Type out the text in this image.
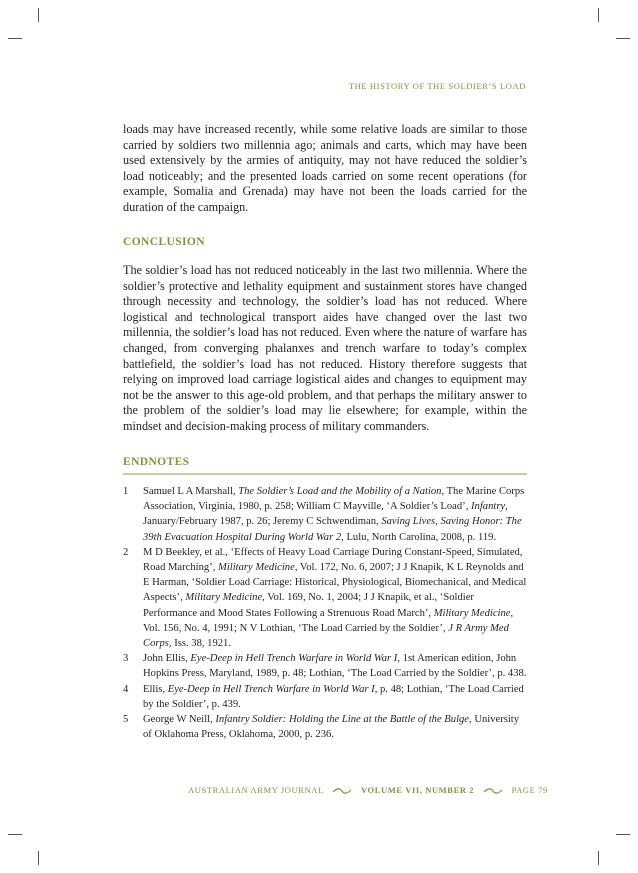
THE HISTORY OF THE SOLDIER’S LOAD

loads may have increased recently, while some relative loads are similar to those carried by soldiers two millennia ago; animals and carts, which may have been used extensively by the armies of antiquity, may not have reduced the soldier’s load noticeably; and the presented loads carried on some recent operations (for example, Somalia and Grenada) may have not been the loads carried for the duration of the campaign.

CONCLUSION

The soldier’s load has not reduced noticeably in the last two millennia. Where the soldier’s protective and lethality equipment and sustainment stores have changed through necessity and technology, the soldier’s load has not reduced. Where logistical and technological transport aides have changed over the last two millennia, the soldier’s load has not reduced. Even where the nature of warfare has changed, from converging phalanxes and trench warfare to today’s complex battlefield, the soldier’s load has not reduced. History therefore suggests that relying on improved load carriage logistical aides and changes to equipment may not be the answer to this age-old problem, and that perhaps the military answer to the problem of the soldier’s load may lie elsewhere; for example, within the mindset and decision-making process of military commanders.

ENDNOTES
1 Samuel L A Marshall, The Soldier’s Load and the Mobility of a Nation, The Marine Corps Association, Virginia, 1980, p. 258; William C Mayville, ‘A Soldier’s Load’, Infantry, January/February 1987, p. 26; Jeremy C Schwendiman, Saving Lives, Saving Honor: The 39th Evacuation Hospital During World War 2, Lulu, North Carolina, 2008, p. 119.
2 M D Beekley, et al., ‘Effects of Heavy Load Carriage During Constant-Speed, Simulated, Road Marching’, Military Medicine, Vol. 172, No. 6, 2007; J J Knapik, K L Reynolds and E Harman, ‘Soldier Load Carriage: Historical, Physiological, Biomechanical, and Medical Aspects’, Military Medicine, Vol. 169, No. 1, 2004; J J Knapik, et al., ‘Soldier Performance and Mood States Following a Strenuous Road March’, Military Medicine, Vol. 156, No. 4, 1991; N V Lothian, ‘The Load Carried by the Soldier’, J R Army Med Corps, Iss. 38, 1921.
3 John Ellis, Eye-Deep in Hell Trench Warfare in World War I, 1st American edition, John Hopkins Press, Maryland, 1989, p. 48; Lothian, ‘The Load Carried by the Soldier’, p. 438.
4 Ellis, Eye-Deep in Hell Trench Warfare in World War I, p. 48; Lothian, ‘The Load Carried by the Soldier’, p. 439.
5 George W Neill, Infantry Soldier: Holding the Line at the Battle of the Bulge, University of Oklahoma Press, Oklahoma, 2000, p. 236.
AUSTRALIAN ARMY JOURNAL	VOLUME VII, NUMBER 2	PAGE 79
